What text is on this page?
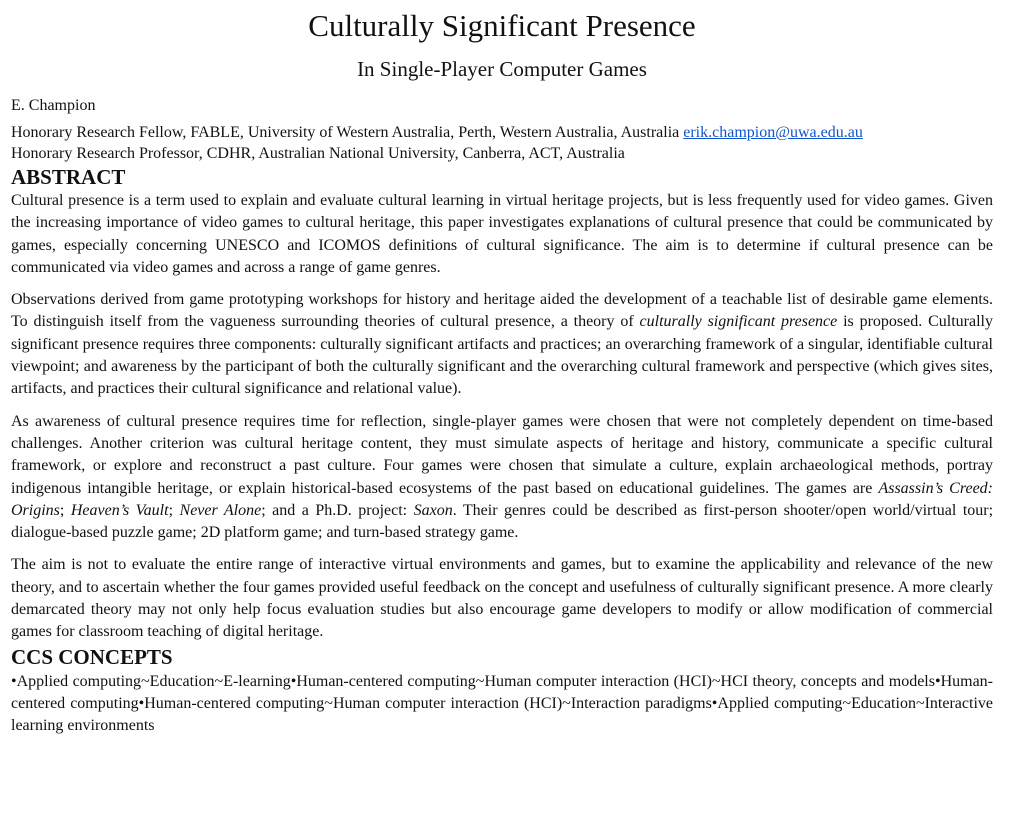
Culturally Significant Presence
In Single-Player Computer Games
E. Champion
Honorary Research Fellow, FABLE, University of Western Australia, Perth, Western Australia, Australia erik.champion@uwa.edu.au
Honorary Research Professor, CDHR, Australian National University, Canberra, ACT, Australia
ABSTRACT

Cultural presence is a term used to explain and evaluate cultural learning in virtual heritage projects, but is less frequently used for video games. Given the increasing importance of video games to cultural heritage, this paper investigates explanations of cultural presence that could be communicated by games, especially concerning UNESCO and ICOMOS definitions of cultural significance. The aim is to determine if cultural presence can be communicated via video games and across a range of game genres.

Observations derived from game prototyping workshops for history and heritage aided the development of a teachable list of desirable game elements. To distinguish itself from the vagueness surrounding theories of cultural presence, a theory of culturally significant presence is proposed. Culturally significant presence requires three components: culturally significant artifacts and practices; an overarching framework of a singular, identifiable cultural viewpoint; and awareness by the participant of both the culturally significant and the overarching cultural framework and perspective (which gives sites, artifacts, and practices their cultural significance and relational value).

As awareness of cultural presence requires time for reflection, single-player games were chosen that were not completely dependent on time-based challenges. Another criterion was cultural heritage content, they must simulate aspects of heritage and history, communicate a specific cultural framework, or explore and reconstruct a past culture. Four games were chosen that simulate a culture, explain archaeological methods, portray indigenous intangible heritage, or explain historical-based ecosystems of the past based on educational guidelines. The games are Assassin’s Creed: Origins; Heaven’s Vault; Never Alone; and a Ph.D. project: Saxon. Their genres could be described as first-person shooter/open world/virtual tour; dialogue-based puzzle game; 2D platform game; and turn-based strategy game.

The aim is not to evaluate the entire range of interactive virtual environments and games, but to examine the applicability and relevance of the new theory, and to ascertain whether the four games provided useful feedback on the concept and usefulness of culturally significant presence. A more clearly demarcated theory may not only help focus evaluation studies but also encourage game developers to modify or allow modification of commercial games for classroom teaching of digital heritage.

CCS CONCEPTS

•Applied computing~Education~E-learning•Human-centered computing~Human computer interaction (HCI)~HCI theory, concepts and models•Human-centered computing•Human-centered computing~Human computer interaction (HCI)~Interaction paradigms•Applied computing~Education~Interactive learning environments
